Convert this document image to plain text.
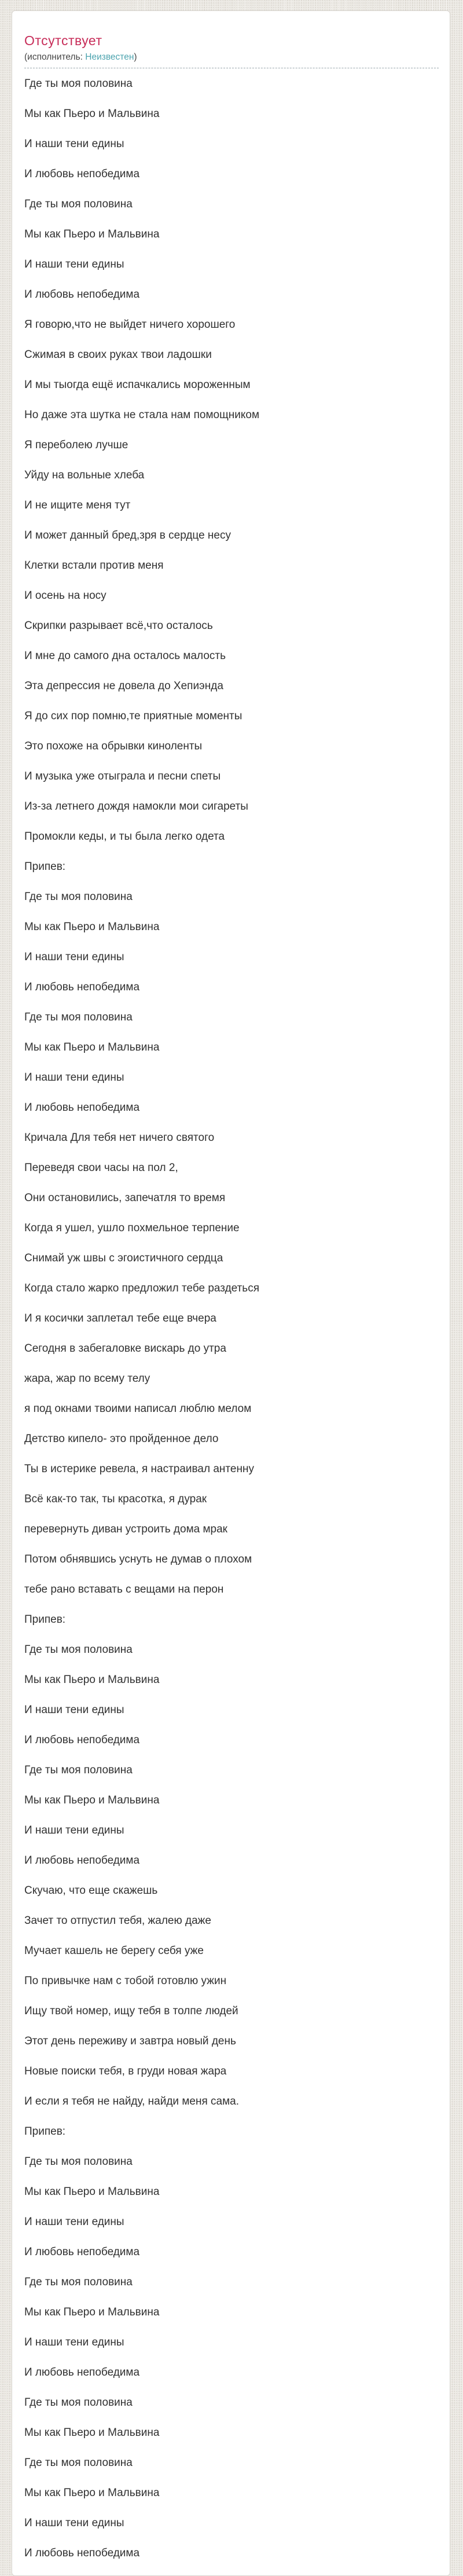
Отсутствует
(исполнитель: Неизвестен)

Где ты моя половина

Мы как Пьеро и Мальвина

И наши тени едины

И любовь непобедима

Где ты моя половина

Мы как Пьеро и Мальвина

И наши тени едины

И любовь непобедима

Я говорю,что не выйдет ничего хорошего

Сжимая в своих руках твои ладошки

И мы тыогда ещё испачкались мороженным

Но даже эта шутка не стала нам помощником

Я переболею лучше

Уйду на вольные хлеба

И не ищите меня тут

И может данный бред,зря в сердце несу

Клетки встали против меня

И осень на носу

Скрипки разрывает всё,что осталось

И мне до самого дна осталось малость

Эта депрессия не довела до Хепиэнда

Я до сих пор помню,те приятные моменты

Это похоже на обрывки киноленты

И музыка уже отыграла и песни спеты

Из-за летнего дождя намокли мои сигареты

Промокли кеды, и ты была легко одета

Припев:

Где ты моя половина

Мы как Пьеро и Мальвина

И наши тени едины

И любовь непобедима

Где ты моя половина

Мы как Пьеро и Мальвина

И наши тени едины

И любовь непобедима

Кричала Для тебя нет ничего святого

Переведя свои часы на пол 2,

Они остановились, запечатля то время

Когда я ушел, ушло похмельное терпение

Снимай уж швы с эгоистичного сердца

Когда стало жарко предложил тебе раздеться

И я косички заплетал тебе еще вчера

Сегодня в забегаловке вискарь до утра

жара, жар по всему телу

я под окнами твоими написал люблю мелом

Детство кипело- это пройденное дело

Ты в истерике ревела, я настраивал антенну

Всё как-то так, ты красотка, я дурак

перевернуть диван устроить дома мрак

Потом обнявшись уснуть не думав о плохом

тебе рано вставать с вещами на перон

Припев:

Где ты моя половина

Мы как Пьеро и Мальвина

И наши тени едины

И любовь непобедима

Где ты моя половина

Мы как Пьеро и Мальвина

И наши тени едины

И любовь непобедима

Скучаю, что еще скажешь

Зачет то отпустил тебя, жалею даже

Мучает кашель не берегу себя уже

По привычке нам с тобой готовлю ужин

Ищу твой номер, ищу тебя в толпе людей

Этот день переживу и завтра новый день

Новые поиски тебя, в груди новая жара

И если я тебя не найду, найди меня сама.

Припев:

Где ты моя половина

Мы как Пьеро и Мальвина

И наши тени едины

И любовь непобедима

Где ты моя половина

Мы как Пьеро и Мальвина

И наши тени едины

И любовь непобедима

Где ты моя половина

Мы как Пьеро и Мальвина

Где ты моя половина

Мы как Пьеро и Мальвина

И наши тени едины

И любовь непобедима
